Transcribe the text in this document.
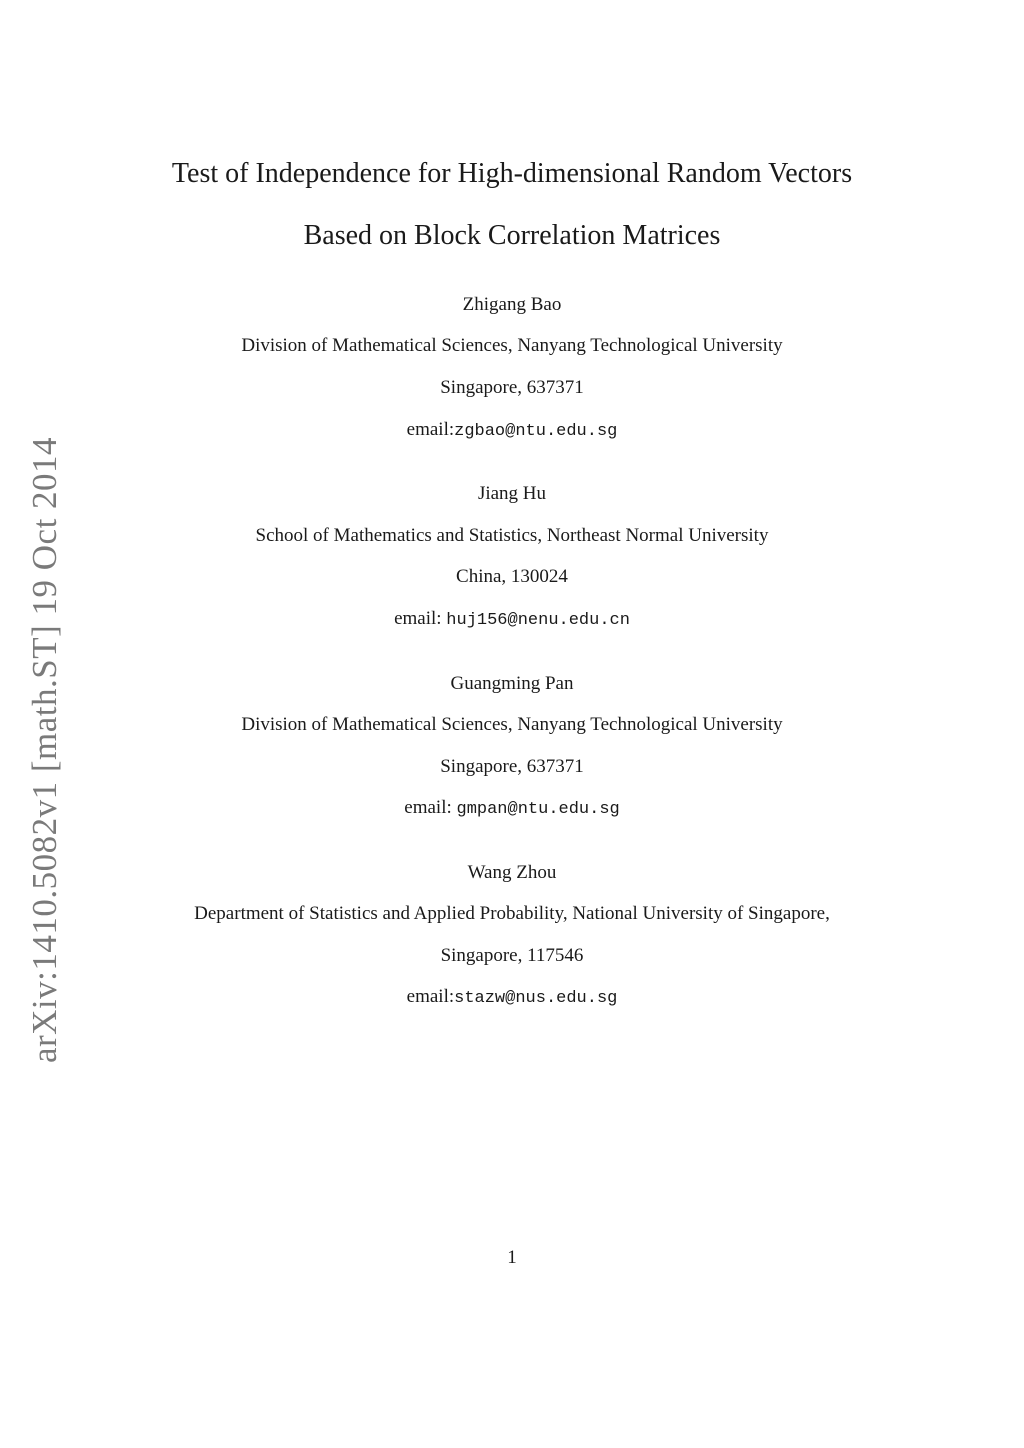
arXiv:1410.5082v1 [math.ST] 19 Oct 2014
Test of Independence for High-dimensional Random Vectors
Based on Block Correlation Matrices
Zhigang Bao
Division of Mathematical Sciences, Nanyang Technological University
Singapore, 637371
email:zgbao@ntu.edu.sg
Jiang Hu
School of Mathematics and Statistics, Northeast Normal University
China, 130024
email: huj156@nenu.edu.cn
Guangming Pan
Division of Mathematical Sciences, Nanyang Technological University
Singapore, 637371
email: gmpan@ntu.edu.sg
Wang Zhou
Department of Statistics and Applied Probability, National University of Singapore,
Singapore, 117546
email:stazw@nus.edu.sg
1
